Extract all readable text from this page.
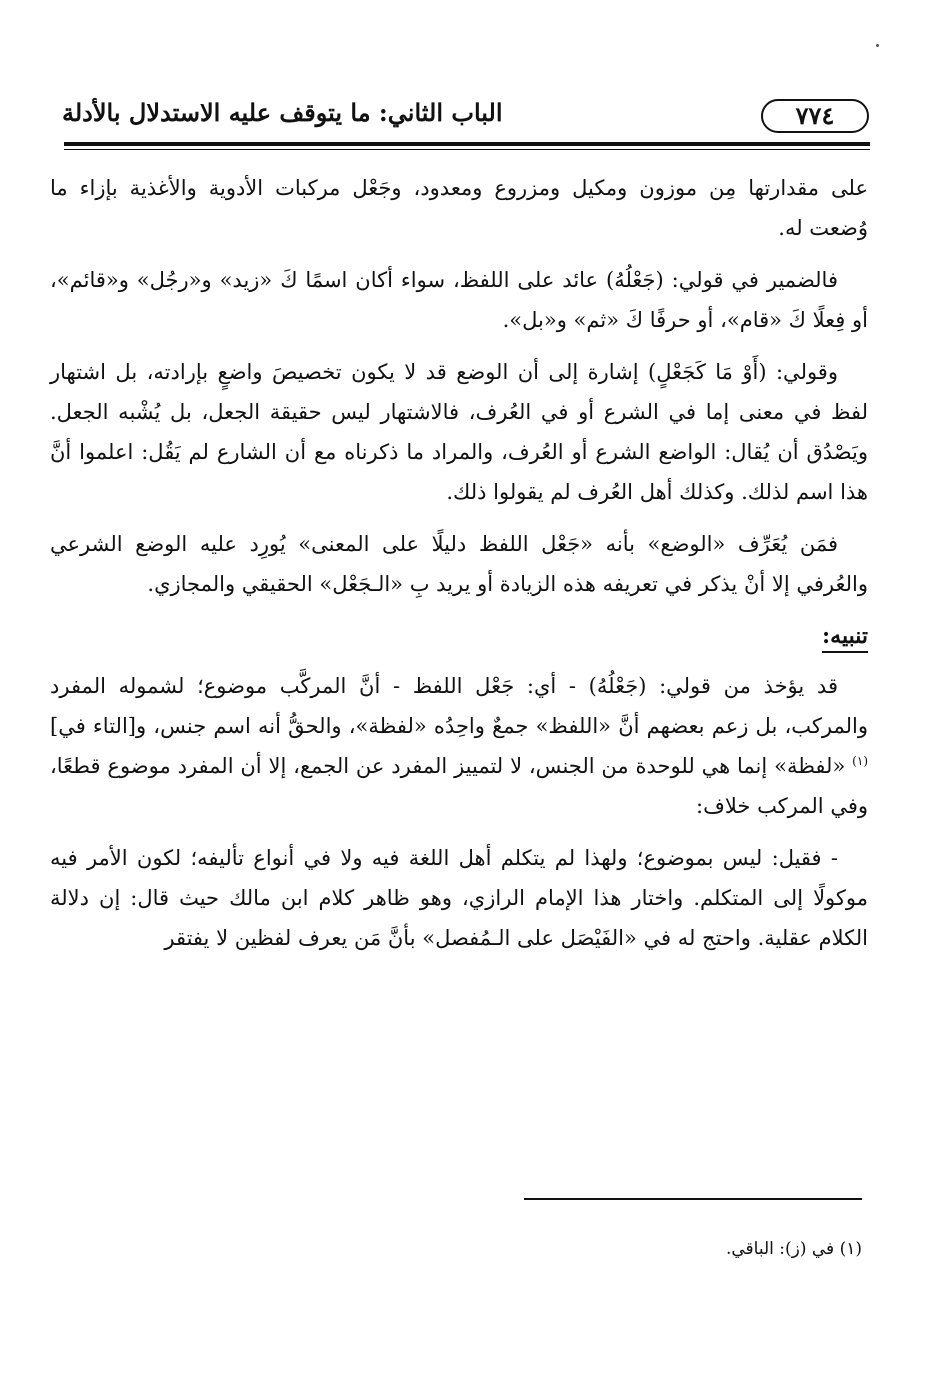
٧٧٤
الباب الثاني: ما يتوقف عليه الاستدلال بالأدلة

على مقدارتها مِن موزون ومكيل ومزروع ومعدود، وجَعْل مركبات الأدوية والأغذية بإزاء ما وُضعت له.

فالضمير في قولي: (جَعْلُهُ) عائد على اللفظ، سواء أكان اسمًا كَ «زيد» و«رجُل» و«قائم»، أو فِعلًا كَ «قام»، أو حرفًا كَ «ثم» و«بل».

وقولي: (أَوْ مَا كَجَعْلٍ) إشارة إلى أن الوضع قد لا يكون تخصيصَ واضعٍ بإرادته، بل اشتهار لفظ في معنى إما في الشرع أو في العُرف، فالاشتهار ليس حقيقة الجعل، بل يُشْبه الجعل. ويَصْدُق أن يُقال: الواضع الشرع أو العُرف، والمراد ما ذكرناه مع أن الشارع لم يَقُل: اعلموا أنَّ هذا اسم لذلك. وكذلك أهل العُرف لم يقولوا ذلك.

فمَن يُعَرِّف «الوضع» بأنه «جَعْل اللفظ دليلًا على المعنى» يُورِد عليه الوضع الشرعي والعُرفي إلا أنْ يذكر في تعريفه هذه الزيادة أو يريد بِ «الـجَعْل» الحقيقي والمجازي.

تنبيه:

قد يؤخذ من قولي: (جَعْلُهُ) - أي: جَعْل اللفظ - أنَّ المركَّب موضوع؛ لشموله المفرد والمركب، بل زعم بعضهم أنَّ «اللفظ» جمعٌ واحِدُه «لفظة»، والحقُّ أنه اسم جنس، و[التاء في]$^{(١)}$ «لفظة» إنما هي للوحدة من الجنس، لا لتمييز المفرد عن الجمع، إلا أن المفرد موضوع قطعًا، وفي المركب خلاف:

- فقيل: ليس بموضوع؛ ولهذا لم يتكلم أهل اللغة فيه ولا في أنواع تأليفه؛ لكون الأمر فيه موكولًا إلى المتكلم. واختار هذا الإمام الرازي، وهو ظاهر كلام ابن مالك حيث قال: إن دلالة الكلام عقلية. واحتج له في «الفَيْصَل على الـمُفصل» بأنَّ مَن يعرف لفظين لا يفتقر

(١) في (ز): الباقي.
